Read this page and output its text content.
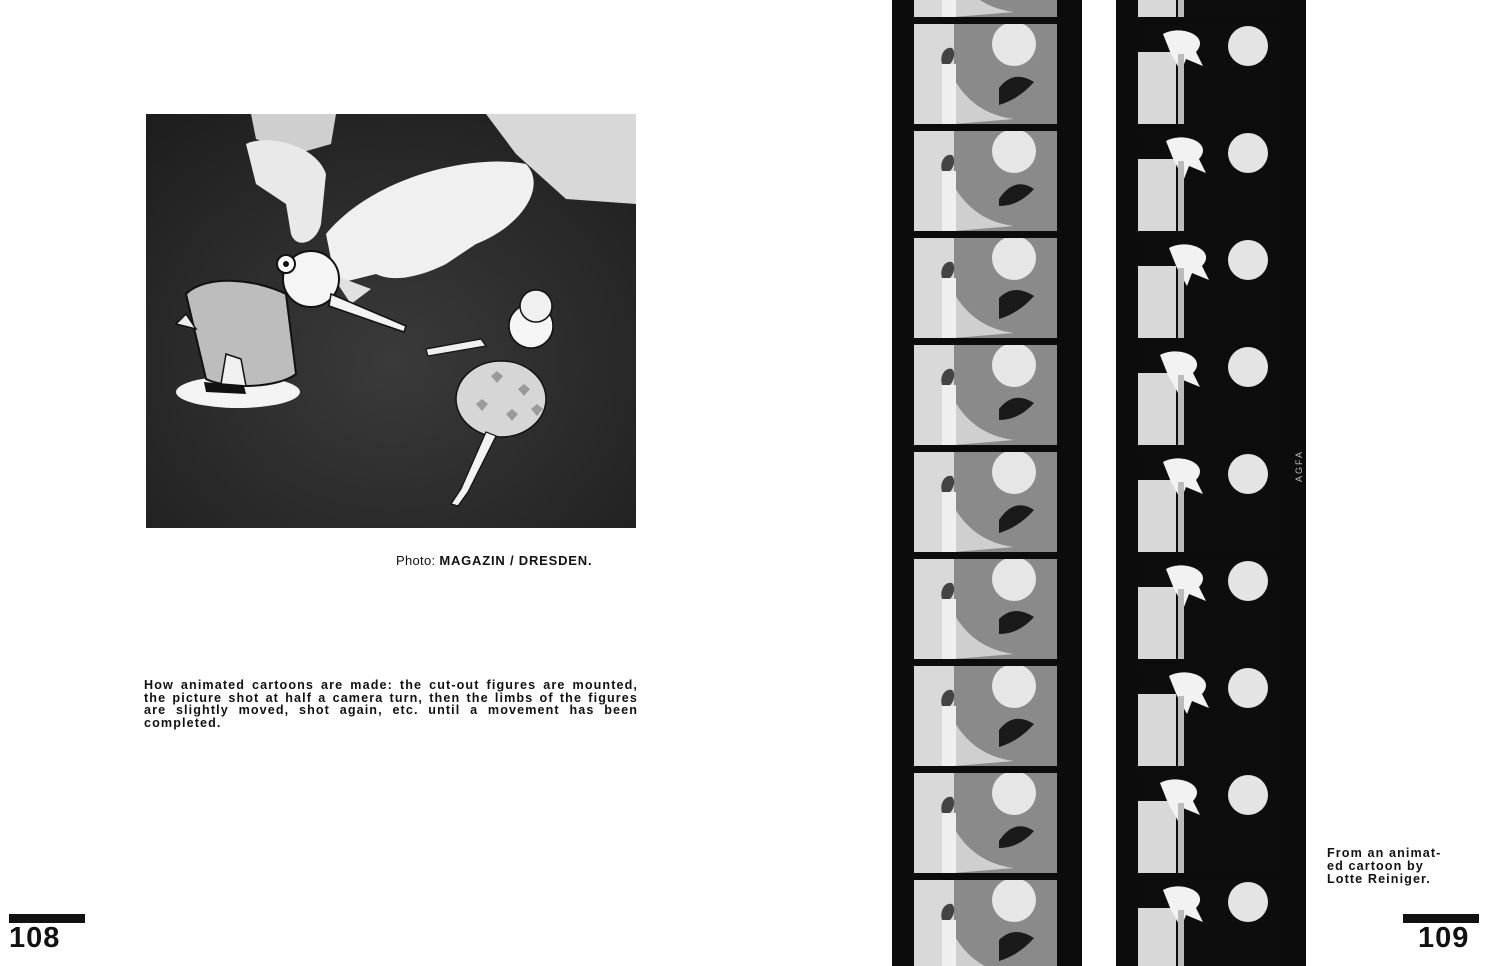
Photo: MAGAZIN / DRESDEN.
How animated cartoons are made: the cut-out figures are mounted, the picture shot at half a camera turn, then the limbs of the figures are slightly moved, shot again, etc. until a movement has been completed.
108
AGFA
From an animat-
ed cartoon by
Lotte Reiniger.
109
